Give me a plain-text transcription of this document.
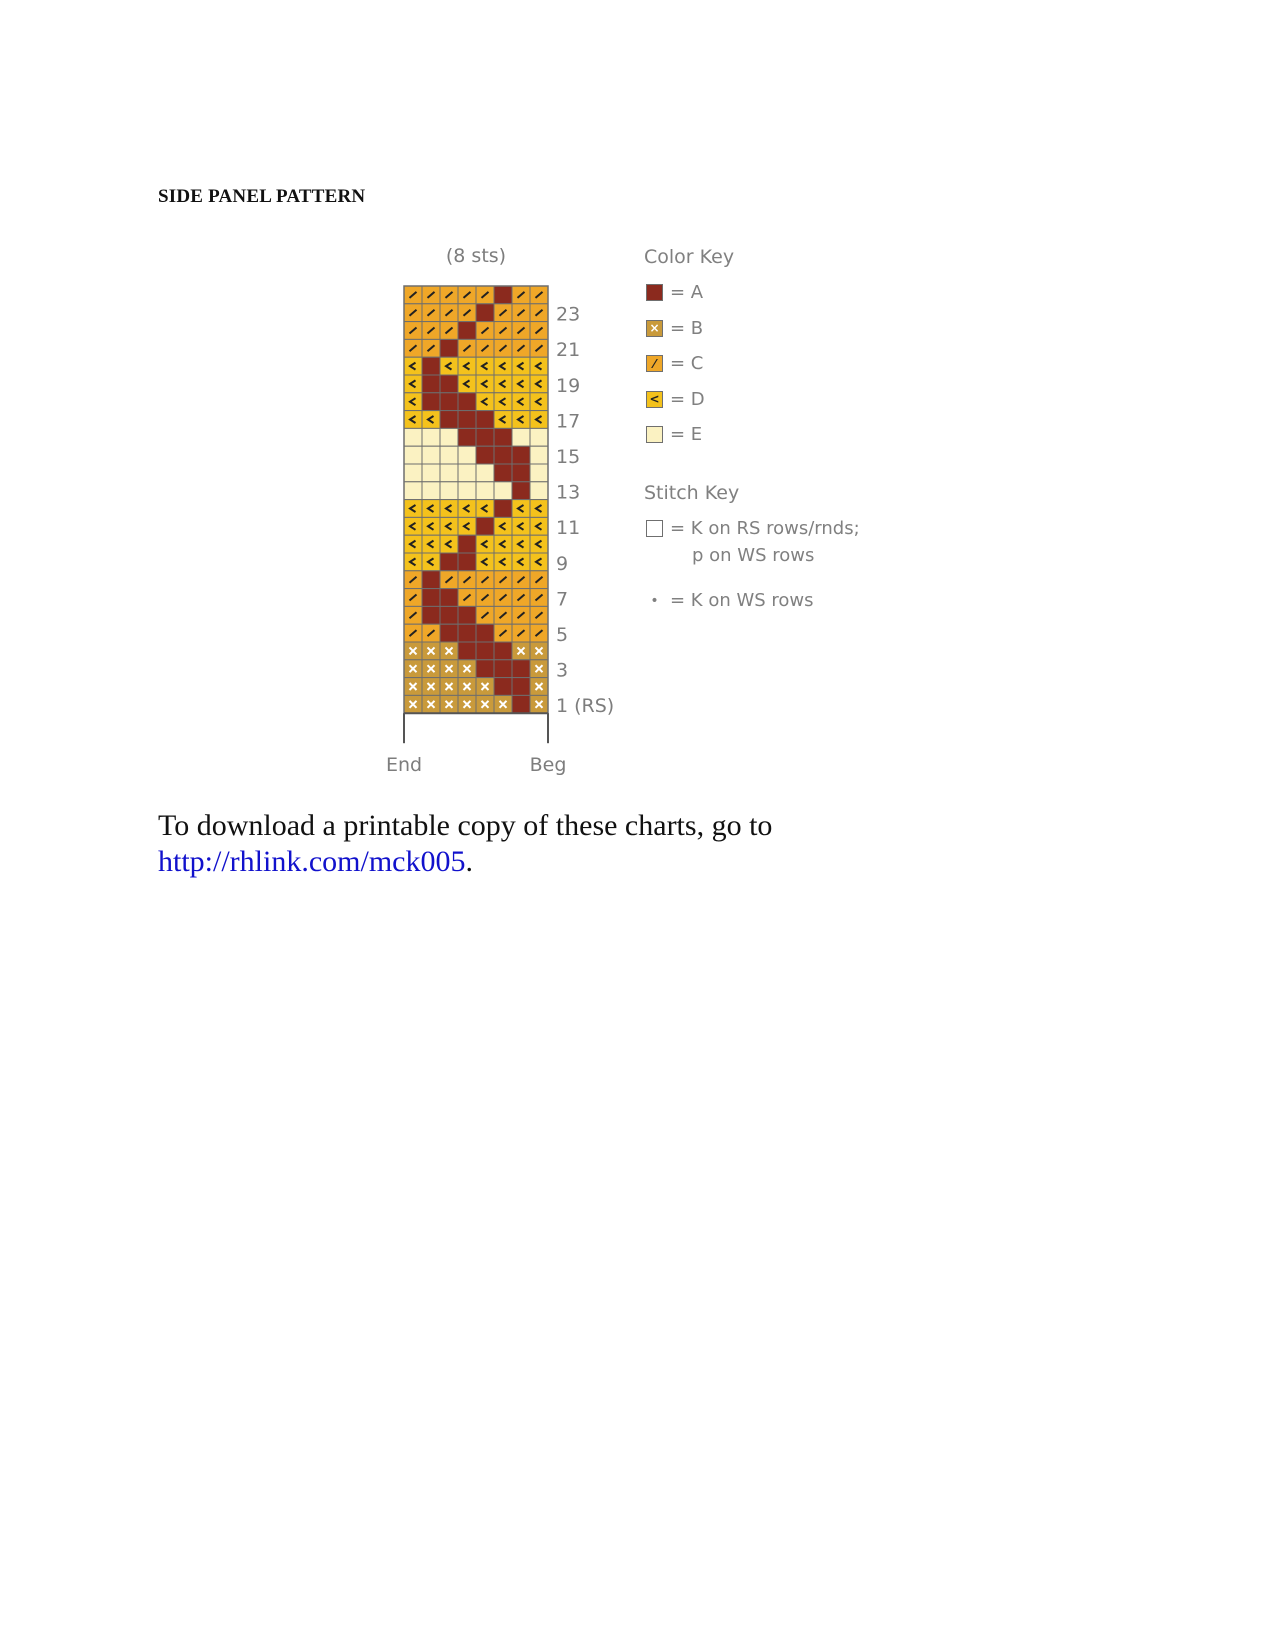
SIDE PANEL PATTERN
(8 sts)
23
21
19
17
15
13
11
9
7
5
3
1 (RS)
End	Beg
Color Key
= A
× = B
⁄ = C
< = D
= E
Stitch Key
= K on RS rows/rnds;
p on WS rows
• = K on WS rows
To download a printable copy of these charts, go to
http://rhlink.com/mck005.
